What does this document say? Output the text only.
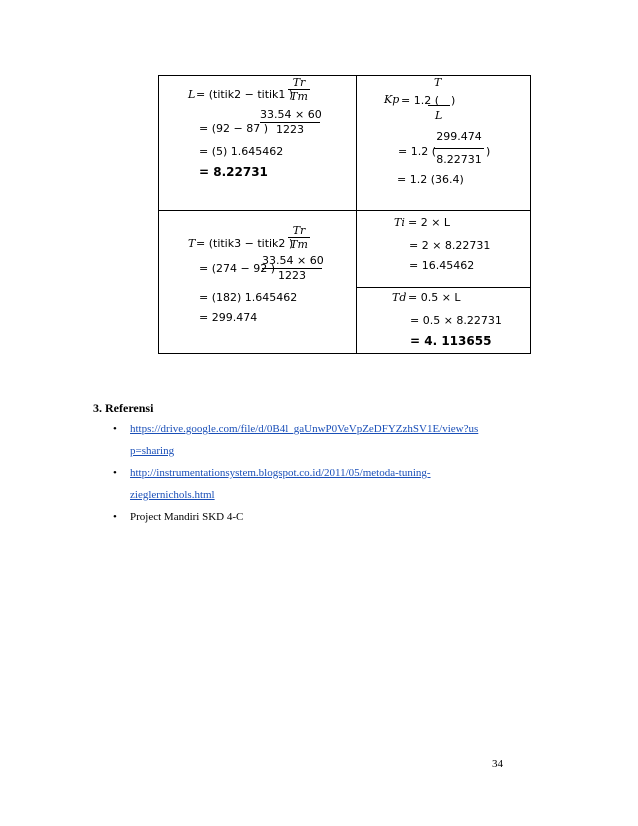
L = (titik2 − titik1 )
Tr
Tm
= (92 − 87 )
33.54 × 60
1223
= (5) 1.645462
= 8.22731
T
Kp = 1.2 ( )
L
= 1.2 (
299.474
8.22731
)
= 1.2 (36.4)
T = (titik3 − titik2 )
Tr
Tm
= (274 − 92 )
33.54 × 60
1223
= (182) 1.645462
= 299.474
Ti = 2 × L
= 2 × 8.22731
= 16.45462
Td = 0.5 × L
= 0.5 × 8.22731
= 4. 113655
3. Referensi
• https://drive.google.com/file/d/0B4l_gaUnwP0VeVpZeDFYZzhSV1E/view?us
p=sharing
• http://instrumentationsystem.blogspot.co.id/2011/05/metoda-tuning-
zieglernichols.html
• Project Mandiri SKD 4-C
34
